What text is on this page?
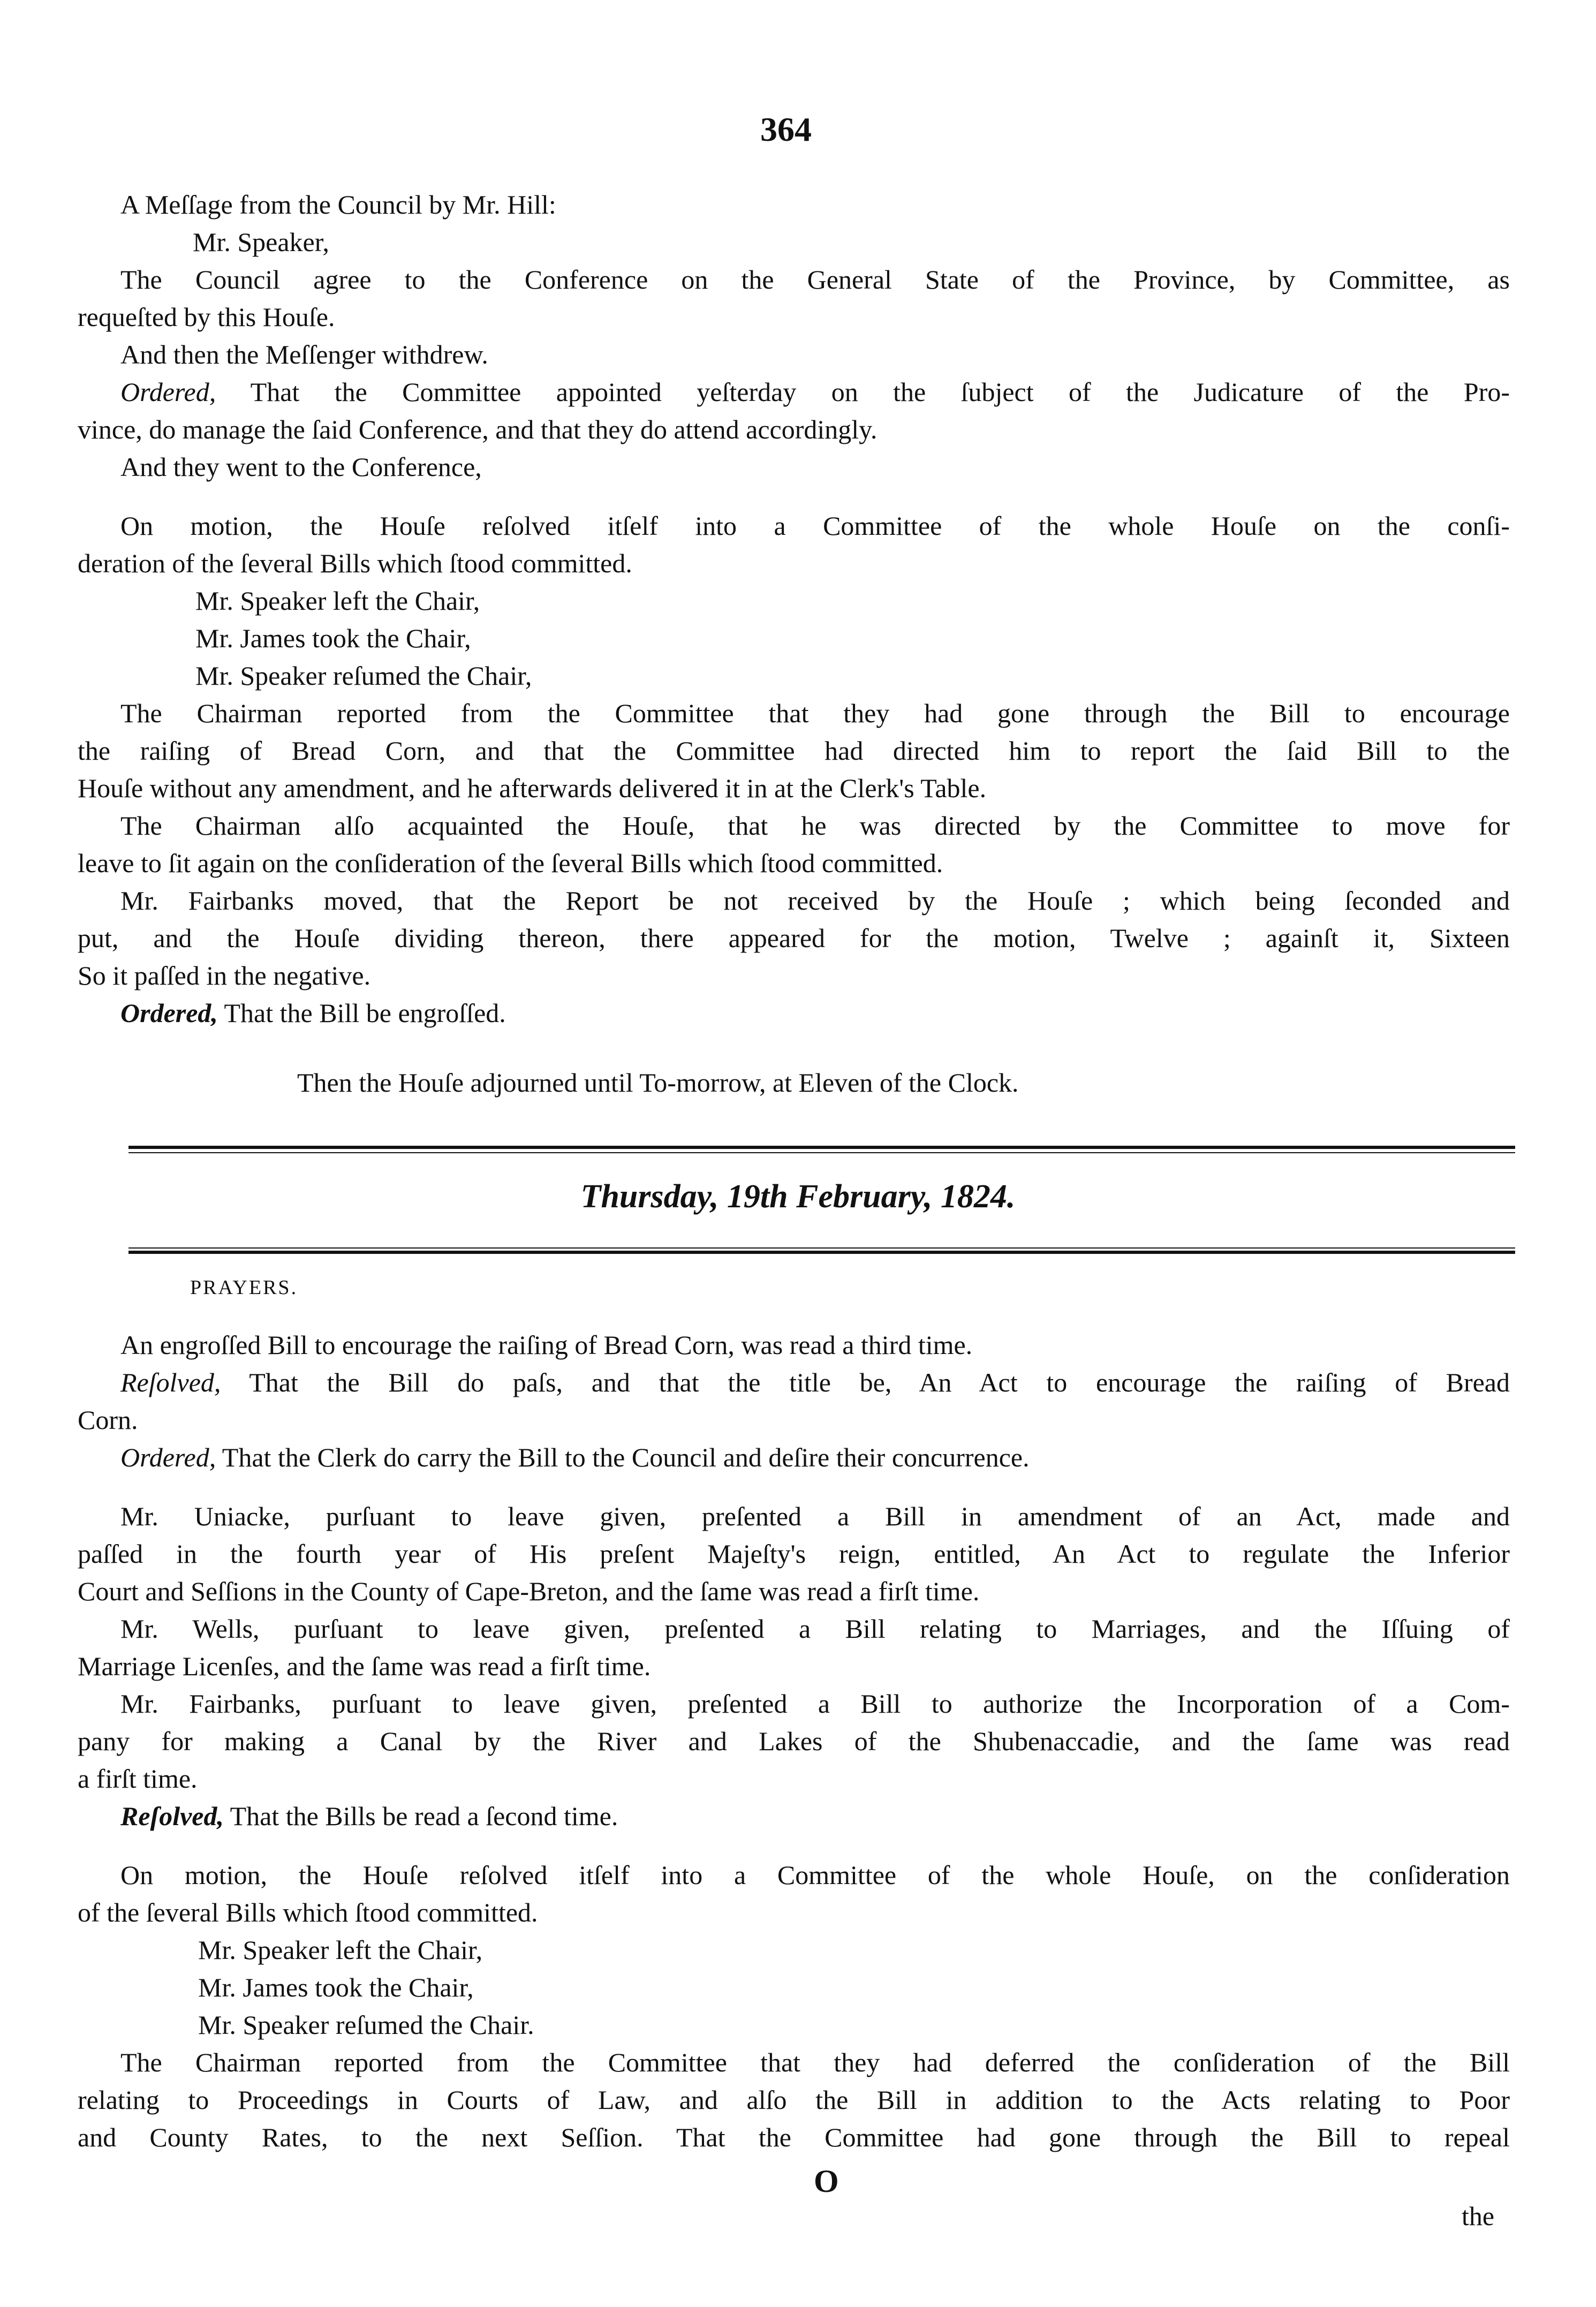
364
A Meſſage from the Council by Mr. Hill:
Mr. Speaker,
The Council agree to the Conference on the General State of the Province, by Committee, as
requeſted by this Houſe.
And then the Meſſenger withdrew.
Ordered, That the Committee appointed yeſterday on the ſubject of the Judicature of the Pro-
vince, do manage the ſaid Conference, and that they do attend accordingly.
And they went to the Conference,
On motion, the Houſe reſolved itſelf into a Committee of the whole Houſe on the conſi-
deration of the ſeveral Bills which ſtood committed.
Mr. Speaker left the Chair,
Mr. James took the Chair,
Mr. Speaker reſumed the Chair,
The Chairman reported from the Committee that they had gone through the Bill to encourage
the raiſing of Bread Corn, and that the Committee had directed him to report the ſaid Bill to the
Houſe without any amendment, and he afterwards delivered it in at the Clerk's Table.
The Chairman alſo acquainted the Houſe, that he was directed by the Committee to move for
leave to ſit again on the conſideration of the ſeveral Bills which ſtood committed.
Mr. Fairbanks moved, that the Report be not received by the Houſe ; which being ſeconded and
put, and the Houſe dividing thereon, there appeared for the motion, Twelve ; againſt it, Sixteen
So it paſſed in the negative.
Ordered, That the Bill be engroſſed.
Then the Houſe adjourned until To-morrow, at Eleven of the Clock.
Thursday, 19th February, 1824.
PRAYERS.
An engroſſed Bill to encourage the raiſing of Bread Corn, was read a third time.
Reſolved, That the Bill do paſs, and that the title be, An Act to encourage the raiſing of Bread
Corn.
Ordered, That the Clerk do carry the Bill to the Council and deſire their concurrence.
Mr. Uniacke, purſuant to leave given, preſented a Bill in amendment of an Act, made and
paſſed in the fourth year of His preſent Majeſty's reign, entitled, An Act to regulate the Inferior
Court and Seſſions in the County of Cape-Breton, and the ſame was read a firſt time.
Mr. Wells, purſuant to leave given, preſented a Bill relating to Marriages, and the Iſſuing of
Marriage Licenſes, and the ſame was read a firſt time.
Mr. Fairbanks, purſuant to leave given, preſented a Bill to authorize the Incorporation of a Com-
pany for making a Canal by the River and Lakes of the Shubenaccadie, and the ſame was read
a firſt time.
Reſolved, That the Bills be read a ſecond time.
On motion, the Houſe reſolved itſelf into a Committee of the whole Houſe, on the conſideration
of the ſeveral Bills which ſtood committed.
Mr. Speaker left the Chair,
Mr. James took the Chair,
Mr. Speaker reſumed the Chair.
The Chairman reported from the Committee that they had deferred the conſideration of the Bill
relating to Proceedings in Courts of Law, and alſo the Bill in addition to the Acts relating to Poor
and County Rates, to the next Seſſion. That the Committee had gone through the Bill to repeal
O
the
